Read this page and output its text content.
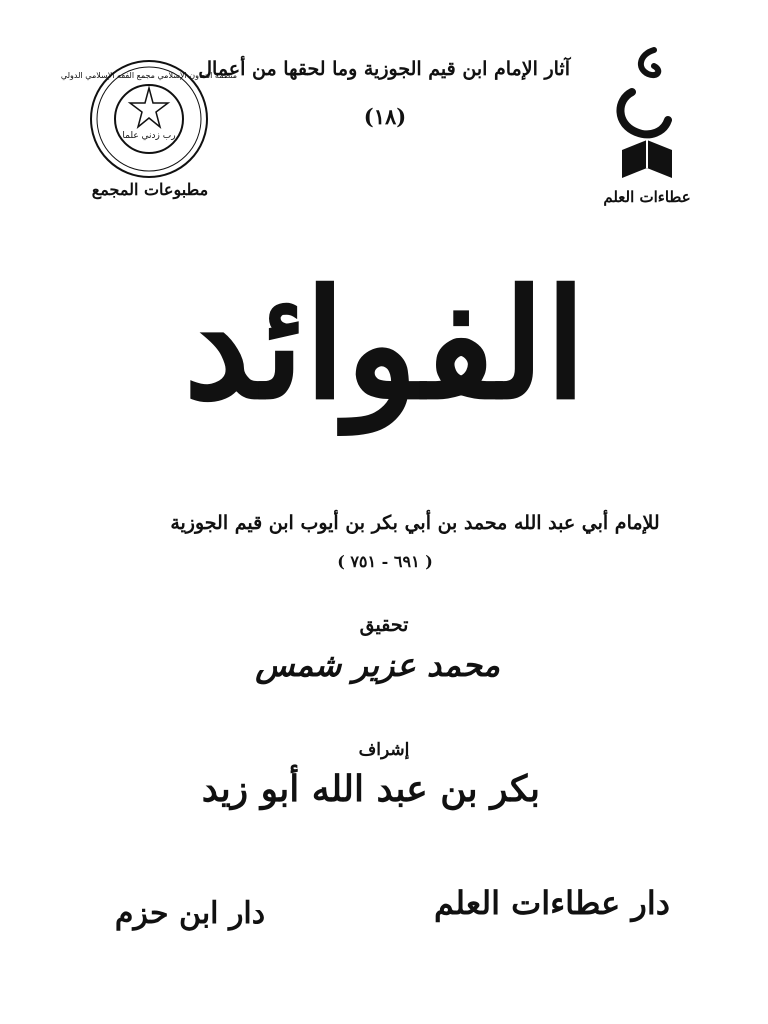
عطاءات العلم
آثار الإمام ابن قيم الجوزية وما لحقها من أعمال
(١٨)
منظمة التعاون الإسلامي مجمع الفقه الإسلامي الدولي
رب زدني علما
مطبوعات المجمع
الفوائد
للإمام أبي عبد الله محمد بن أبي بكر بن أيوب ابن قيم الجوزية
( ٦٩١ - ٧٥١ )
تحقيق
محمد عزير شمس
إشراف
بكر بن عبد الله أبو زيد
دار ابن حزم	دار عطاءات العلم
